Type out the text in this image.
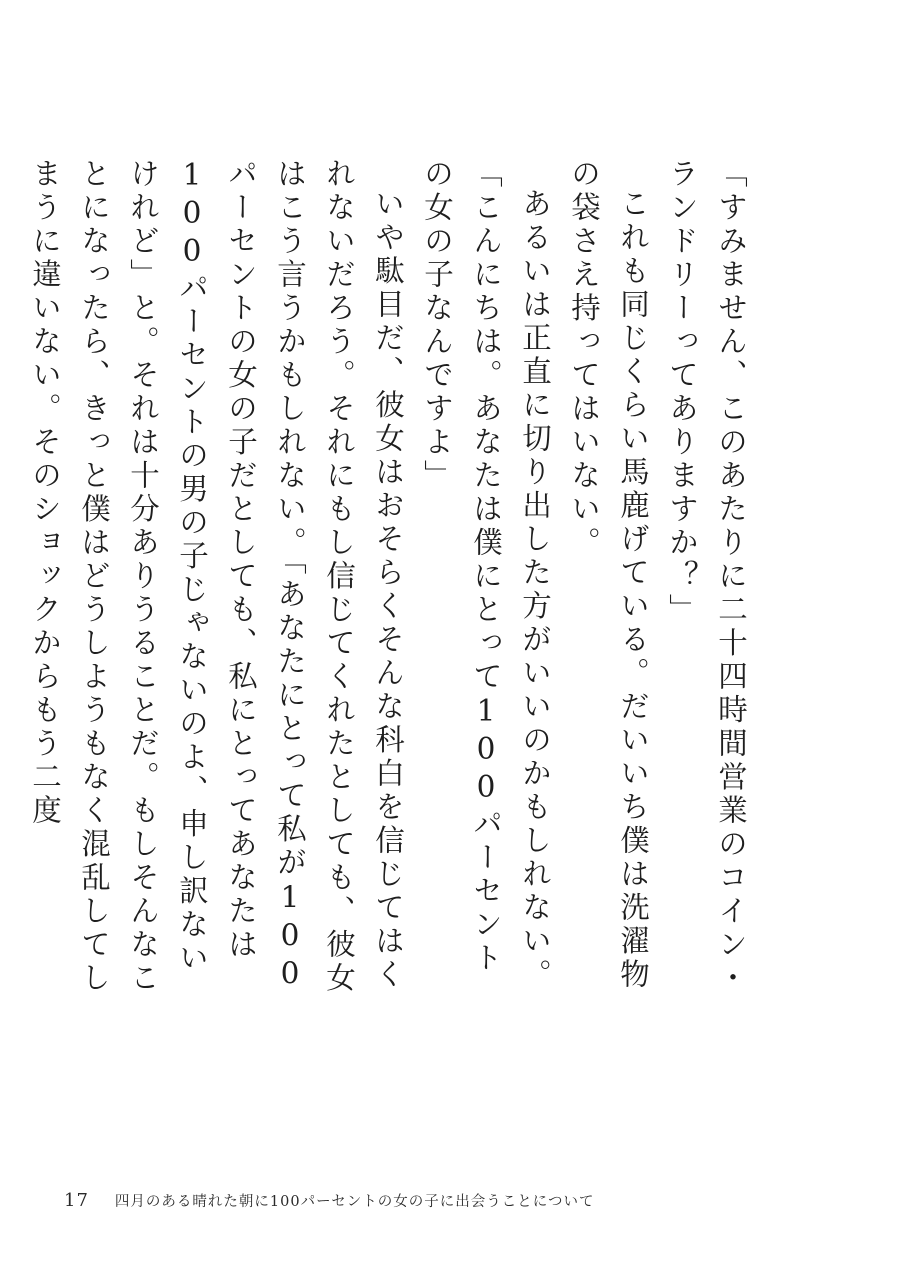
「すみません、このあたりに二十四時間営業のコイン・ランドリーってありますか？」

これも同じくらい馬鹿げている。だいいち僕は洗濯物の袋さえ持ってはいない。

あるいは正直に切り出した方がいいのかもしれない。「こんにちは。あなたは僕にとって100パーセントの女の子なんですよ」

いや駄目だ、彼女はおそらくそんな科白を信じてはくれないだろう。それにもし信じてくれたとしても、彼女はこう言うかもしれない。「あなたにとって私が100パーセントの女の子だとしても、私にとってあなたは100パーセントの男の子じゃないのよ、申し訳ないけれど」と。それは十分ありうることだ。もしそんなことになったら、きっと僕はどうしようもなく混乱してしまうに違いない。そのショックからもう二度

17 四月のある晴れた朝に100パーセントの女の子に出会うことについて
